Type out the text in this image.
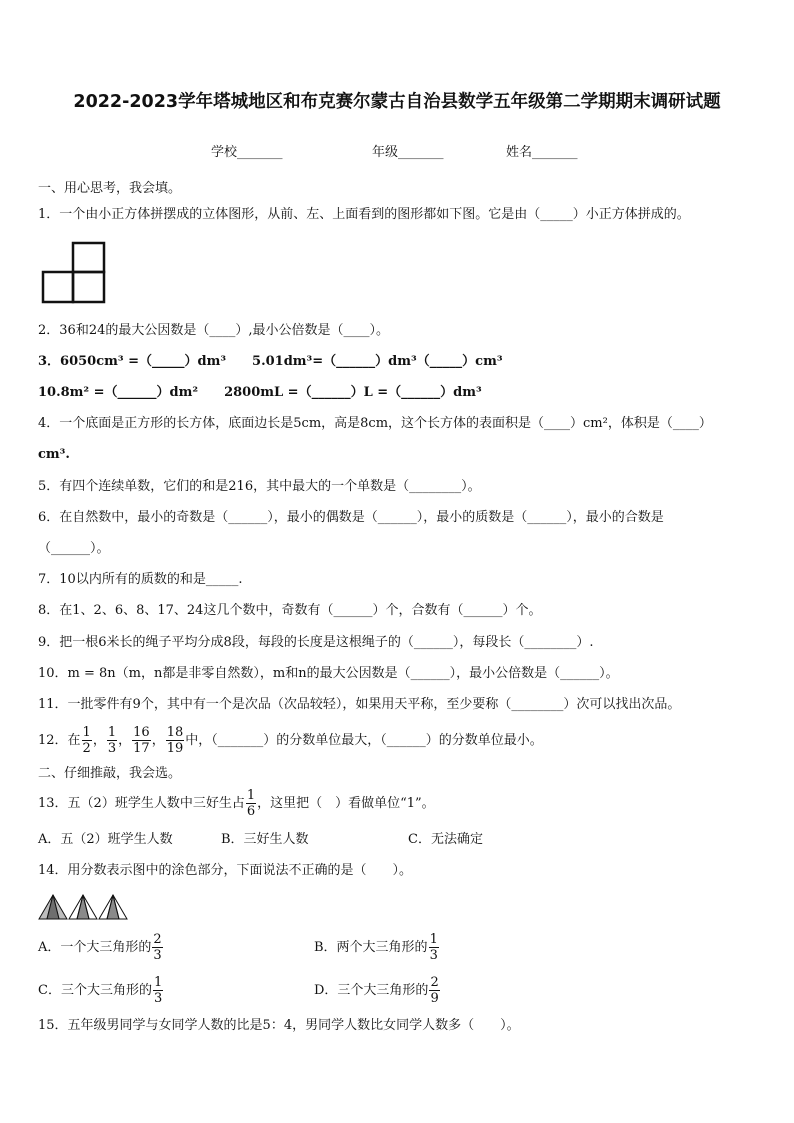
2022-2023学年塔城地区和布克赛尔蒙古自治县数学五年级第二学期期末调研试题
学校_______	年级_______	姓名_______
一、用心思考，我会填。
1．一个由小正方体拼摆成的立体图形，从前、左、上面看到的图形都如下图。它是由（_____）小正方体拼成的。
2．36和24的最大公因数是（____）,最小公倍数是（____）。
3．6050cm³ =（_____）dm³　　5.01dm³=（______）dm³（_____）cm³
10.8m² =（______）dm²　　2800mL =（______）L =（______）dm³
4．一个底面是正方形的长方体，底面边长是5cm，高是8cm，这个长方体的表面积是（____）cm²，体积是（____）
cm³.
5．有四个连续单数，它们的和是216，其中最大的一个单数是（________）。
6．在自然数中，最小的奇数是（______），最小的偶数是（______），最小的质数是（______），最小的合数是
（______）。
7．10以内所有的质数的和是_____.
8．在1、2、6、8、17、24这几个数中，奇数有（______）个，合数有（______）个。
9．把一根6米长的绳子平均分成8段，每段的长度是这根绳子的（______），每段长（________）.
10．m = 8n（m，n都是非零自然数），m和n的最大公因数是（______），最小公倍数是（______）。
11．一批零件有9个，其中有一个是次品（次品较轻），如果用天平称，至少要称（________）次可以找出次品。
12．在 $\frac{1}{2}$ ， $\frac{1}{3}$ ， $\frac{16}{17}$ ， $\frac{18}{19}$ 中，（_______）的分数单位最大，（______）的分数单位最小。
二、仔细推敲，我会选。
13．五（2）班学生人数中三好生占 $\frac{1}{6}$ ，这里把（　）看做单位“1”。
A．五（2）班学生人数	B．三好生人数	C．无法确定
14．用分数表示图中的涂色部分，下面说法不正确的是（　　）。
A．一个大三角形的 $\frac{2}{3}$	B．两个大三角形的 $\frac{1}{3}$
C．三个大三角形的 $\frac{1}{3}$	D．三个大三角形的 $\frac{2}{9}$
15．五年级男同学与女同学人数的比是5：4，男同学人数比女同学人数多（　　）。
